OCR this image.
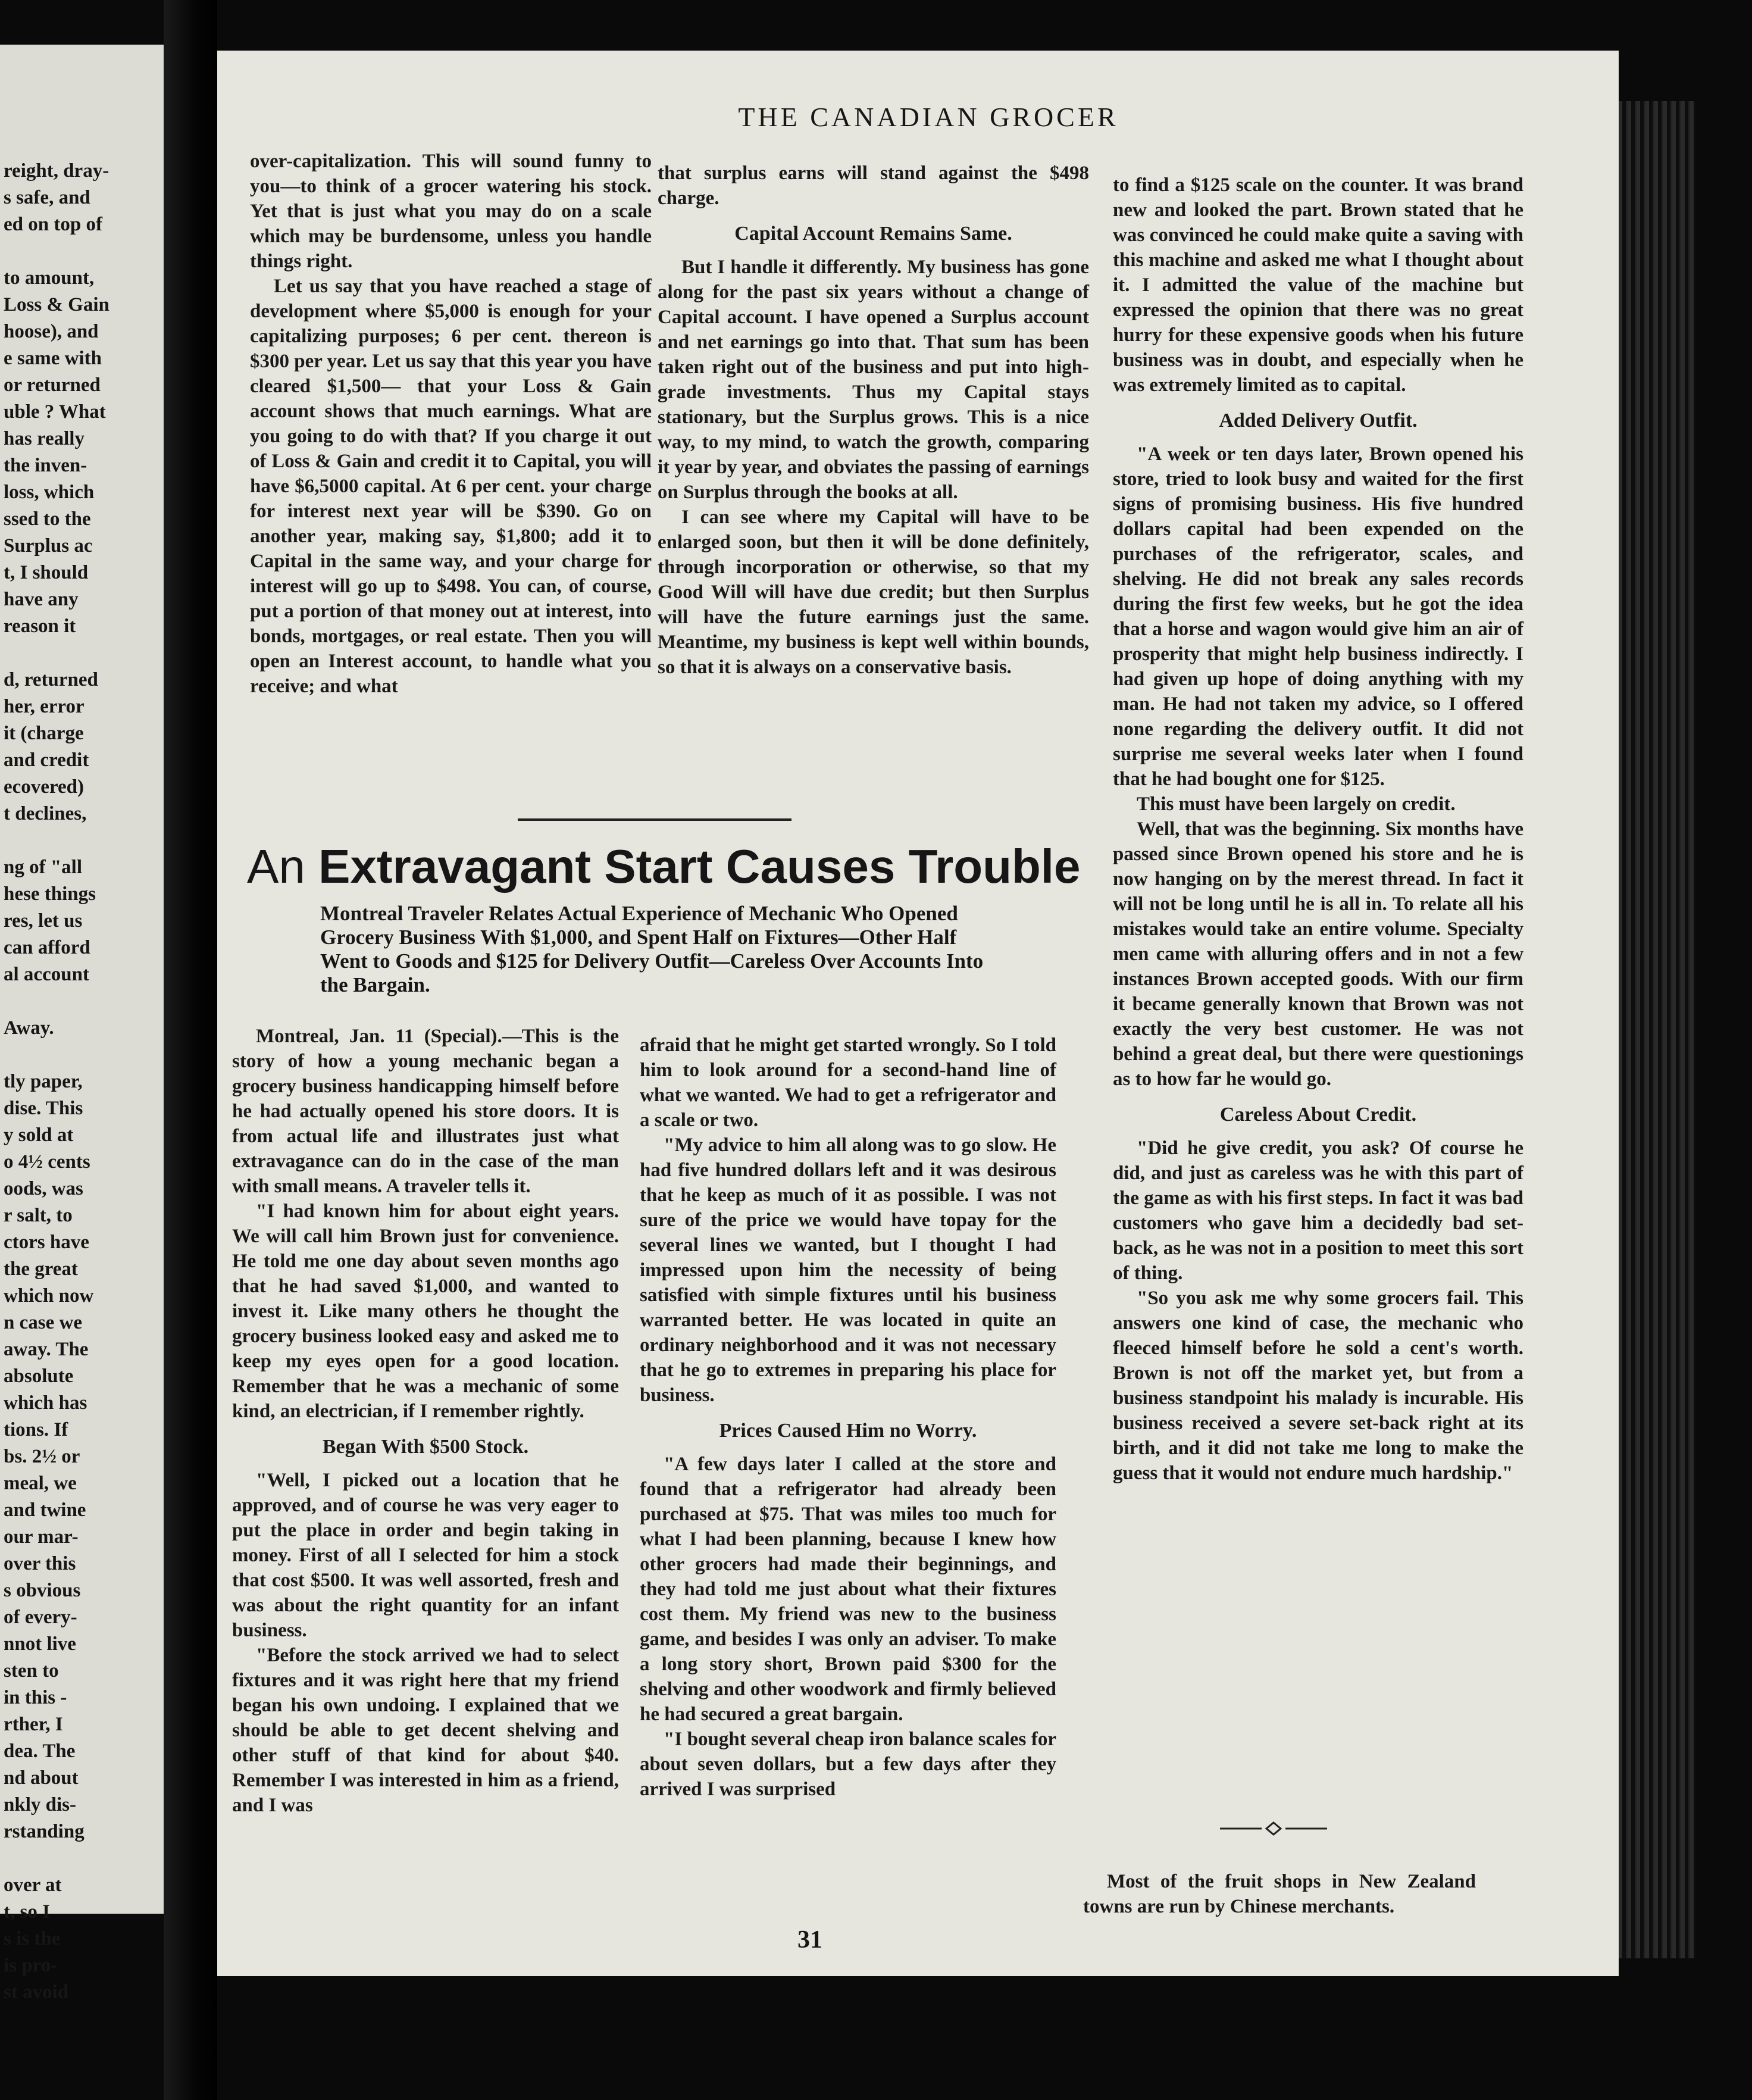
reight, dray-
s safe, and
ed on top of
to amount,
Loss & Gain
hoose), and
e same with
or returned
uble ? What
has really
the inven-
loss, which
ssed to the
Surplus ac
t, I should
have any
reason it
d, returned
her, error
it (charge
and credit
ecovered)
t declines,
ng of "all
hese things
res, let us
can afford
al account
Away.
tly paper,
dise. This
y sold at
o 4½ cents
oods, was
r salt, to
ctors have
the great
which now
n case we
away. The
absolute
which has
tions. If
bs. 2½ or
meal, we
and twine
our mar-
over this
s obvious
of every-
nnot live
sten to
in this -
rther, I
dea. The
nd about
nkly dis-
rstanding
over at
t, so I
s is the
is pro-
st avoid
THE CANADIAN GROCER

over-capitalization. This will sound funny to you—to think of a grocer watering his stock. Yet that is just what you may do on a scale which may be burdensome, unless you handle things right.

Let us say that you have reached a stage of development where $5,000 is enough for your capitalizing purposes; 6 per cent. thereon is $300 per year. Let us say that this year you have cleared $1,500— that your Loss & Gain account shows that much earnings. What are you going to do with that? If you charge it out of Loss & Gain and credit it to Capital, you will have $6,5000 capital. At 6 per cent. your charge for interest next year will be $390. Go on another year, making say, $1,800; add it to Capital in the same way, and your charge for interest will go up to $498. You can, of course, put a portion of that money out at interest, into bonds, mortgages, or real estate. Then you will open an Interest account, to handle what you receive; and what

that surplus earns will stand against the $498 charge.

Capital Account Remains Same.

But I handle it differently. My business has gone along for the past six years without a change of Capital account. I have opened a Surplus account and net earnings go into that. That sum has been taken right out of the business and put into high-grade investments. Thus my Capital stays stationary, but the Surplus grows. This is a nice way, to my mind, to watch the growth, comparing it year by year, and obviates the passing of earnings on Surplus through the books at all.

I can see where my Capital will have to be enlarged soon, but then it will be done definitely, through incorporation or otherwise, so that my Good Will will have due credit; but then Surplus will have the future earnings just the same. Meantime, my business is kept well within bounds, so that it is always on a conservative basis.

An Extravagant Start Causes Trouble
Montreal Traveler Relates Actual Experience of Mechanic Who Opened Grocery Business With $1,000, and Spent Half on Fixtures—Other Half Went to Goods and $125 for Delivery Outfit—Careless Over Accounts Into the Bargain.

Montreal, Jan. 11 (Special).—This is the story of how a young mechanic began a grocery business handicapping himself before he had actually opened his store doors. It is from actual life and illustrates just what extravagance can do in the case of the man with small means. A traveler tells it.

"I had known him for about eight years. We will call him Brown just for convenience. He told me one day about seven months ago that he had saved $1,000, and wanted to invest it. Like many others he thought the grocery business looked easy and asked me to keep my eyes open for a good location. Remember that he was a mechanic of some kind, an electrician, if I remember rightly.

Began With $500 Stock.

"Well, I picked out a location that he approved, and of course he was very eager to put the place in order and begin taking in money. First of all I selected for him a stock that cost $500. It was well assorted, fresh and was about the right quantity for an infant business.

"Before the stock arrived we had to select fixtures and it was right here that my friend began his own undoing. I explained that we should be able to get decent shelving and other stuff of that kind for about $40. Remember I was interested in him as a friend, and I was

afraid that he might get started wrongly. So I told him to look around for a second-hand line of what we wanted. We had to get a refrigerator and a scale or two.

"My advice to him all along was to go slow. He had five hundred dollars left and it was desirous that he keep as much of it as possible. I was not sure of the price we would have topay for the several lines we wanted, but I thought I had impressed upon him the necessity of being satisfied with simple fixtures until his business warranted better. He was located in quite an ordinary neighborhood and it was not necessary that he go to extremes in preparing his place for business.

Prices Caused Him no Worry.

"A few days later I called at the store and found that a refrigerator had already been purchased at $75. That was miles too much for what I had been planning, because I knew how other grocers had made their beginnings, and they had told me just about what their fixtures cost them. My friend was new to the business game, and besides I was only an adviser. To make a long story short, Brown paid $300 for the shelving and other woodwork and firmly believed he had secured a great bargain.

"I bought several cheap iron balance scales for about seven dollars, but a few days after they arrived I was surprised

to find a $125 scale on the counter. It was brand new and looked the part. Brown stated that he was convinced he could make quite a saving with this machine and asked me what I thought about it. I admitted the value of the machine but expressed the opinion that there was no great hurry for these expensive goods when his future business was in doubt, and especially when he was extremely limited as to capital.

Added Delivery Outfit.

"A week or ten days later, Brown opened his store, tried to look busy and waited for the first signs of promising business. His five hundred dollars capital had been expended on the purchases of the refrigerator, scales, and shelving. He did not break any sales records during the first few weeks, but he got the idea that a horse and wagon would give him an air of prosperity that might help business indirectly. I had given up hope of doing anything with my man. He had not taken my advice, so I offered none regarding the delivery outfit. It did not surprise me several weeks later when I found that he had bought one for $125.

This must have been largely on credit.

Well, that was the beginning. Six months have passed since Brown opened his store and he is now hanging on by the merest thread. In fact it will not be long until he is all in. To relate all his mistakes would take an entire volume. Specialty men came with alluring offers and in not a few instances Brown accepted goods. With our firm it became generally known that Brown was not exactly the very best customer. He was not behind a great deal, but there were questionings as to how far he would go.

Careless About Credit.

"Did he give credit, you ask? Of course he did, and just as careless was he with this part of the game as with his first steps. In fact it was bad customers who gave him a decidedly bad set-back, as he was not in a position to meet this sort of thing.

"So you ask me why some grocers fail. This answers one kind of case, the mechanic who fleeced himself before he sold a cent's worth. Brown is not off the market yet, but from a business standpoint his malady is incurable. His business received a severe set-back right at its birth, and it did not take me long to make the guess that it would not endure much hardship."

Most of the fruit shops in New Zealand towns are run by Chinese merchants.

31
